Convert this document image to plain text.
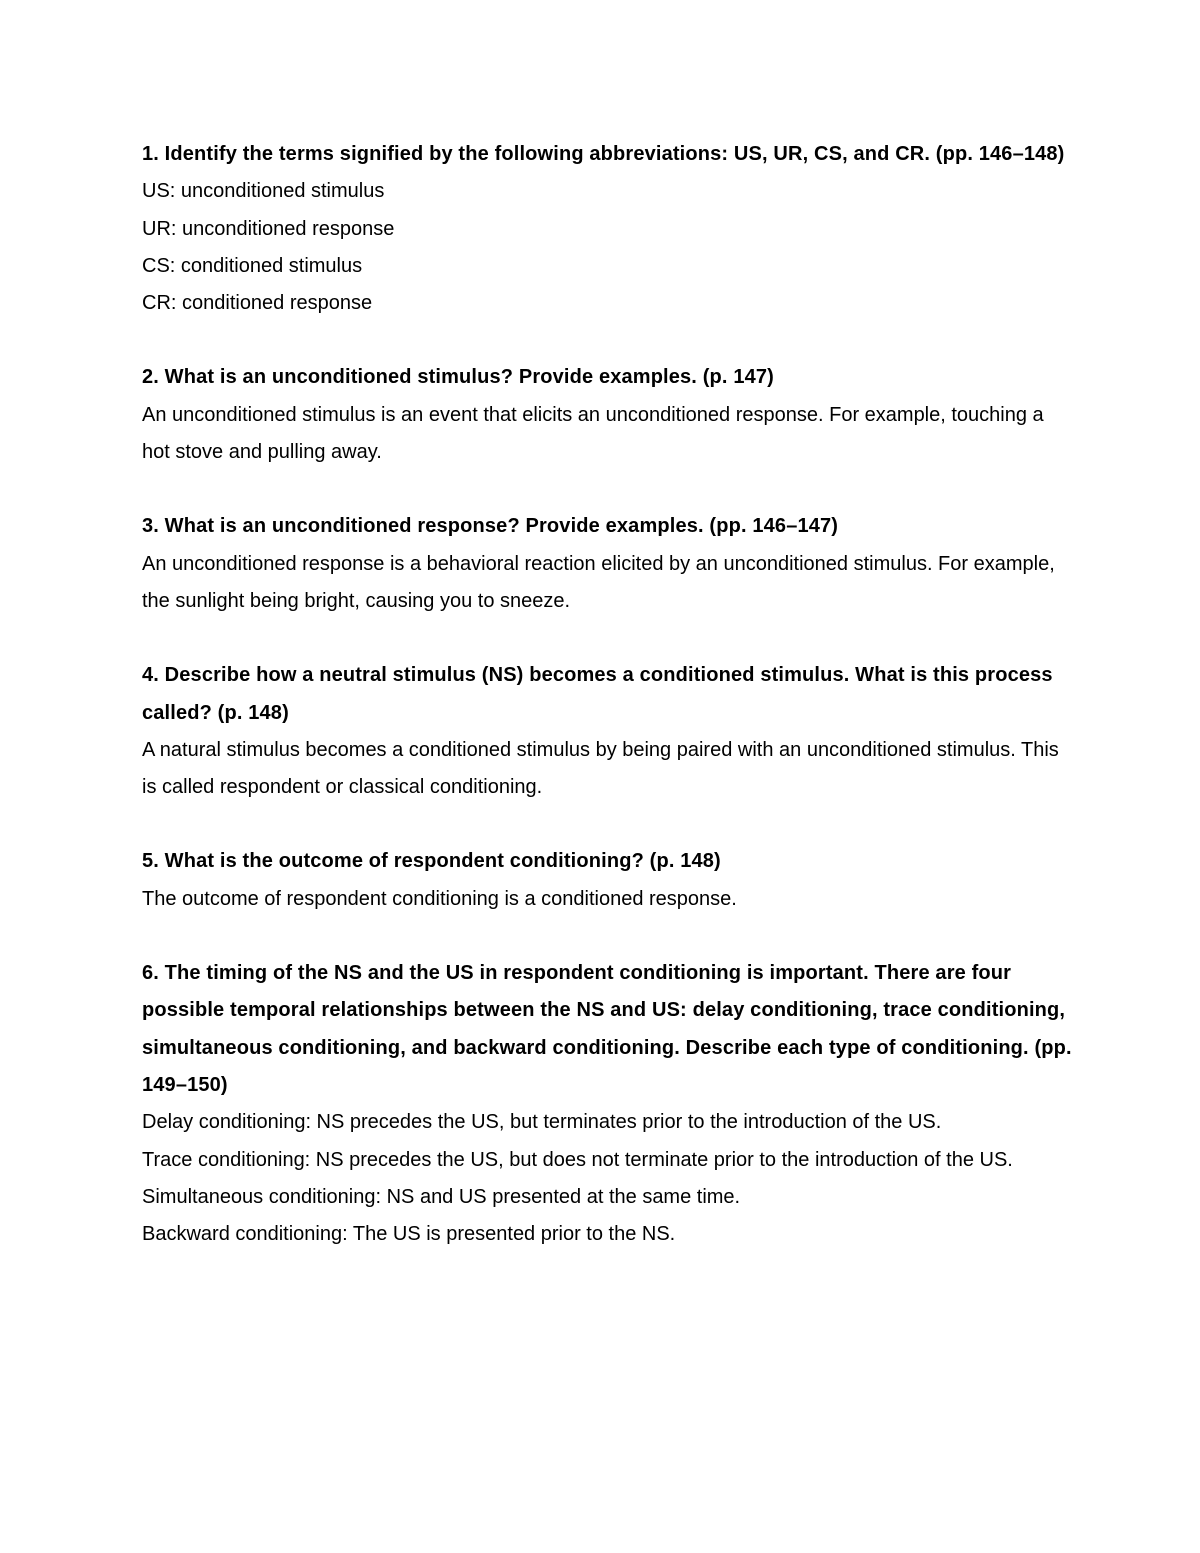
1. Identify the terms signified by the following abbreviations: US, UR, CS, and CR. (pp. 146–148)

US: unconditioned stimulus

UR: unconditioned response

CS: conditioned stimulus

CR: conditioned response

2. What is an unconditioned stimulus? Provide examples. (p. 147)

An unconditioned stimulus is an event that elicits an unconditioned response. For example, touching a hot stove and pulling away.

3. What is an unconditioned response? Provide examples. (pp. 146–147)

An unconditioned response is a behavioral reaction elicited by an unconditioned stimulus. For example, the sunlight being bright, causing you to sneeze.

4. Describe how a neutral stimulus (NS) becomes a conditioned stimulus. What is this process called? (p. 148)

A natural stimulus becomes a conditioned stimulus by being paired with an unconditioned stimulus. This is called respondent or classical conditioning.

5. What is the outcome of respondent conditioning? (p. 148)

The outcome of respondent conditioning is a conditioned response.

6. The timing of the NS and the US in respondent conditioning is important. There are four possible temporal relationships between the NS and US: delay conditioning, trace conditioning, simultaneous conditioning, and backward conditioning. Describe each type of conditioning. (pp. 149–150)

Delay conditioning: NS precedes the US, but terminates prior to the introduction of the US.

Trace conditioning: NS precedes the US, but does not terminate prior to the introduction of the US.

Simultaneous conditioning: NS and US presented at the same time.

Backward conditioning: The US is presented prior to the NS.
